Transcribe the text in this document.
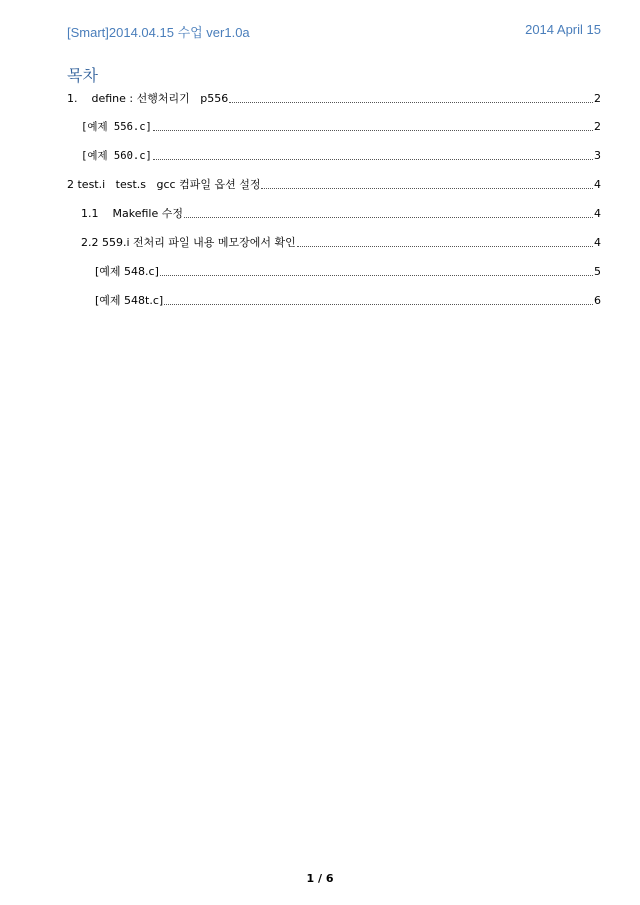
[Smart]2014.04.15 수업 ver1.0a	2014 April 15
목차
1.    define : 선행처리기   p556	2
[예제 556.c]	2
[예제 560.c]	3
2 test.i   test.s   gcc 컴파일 옵션 설정	4
1.1    Makefile 수정	4
2.2 559.i 전처리 파일 내용 메모장에서 확인	4
[예제 548.c]	5
[예제 548t.c]	6
1 / 6
